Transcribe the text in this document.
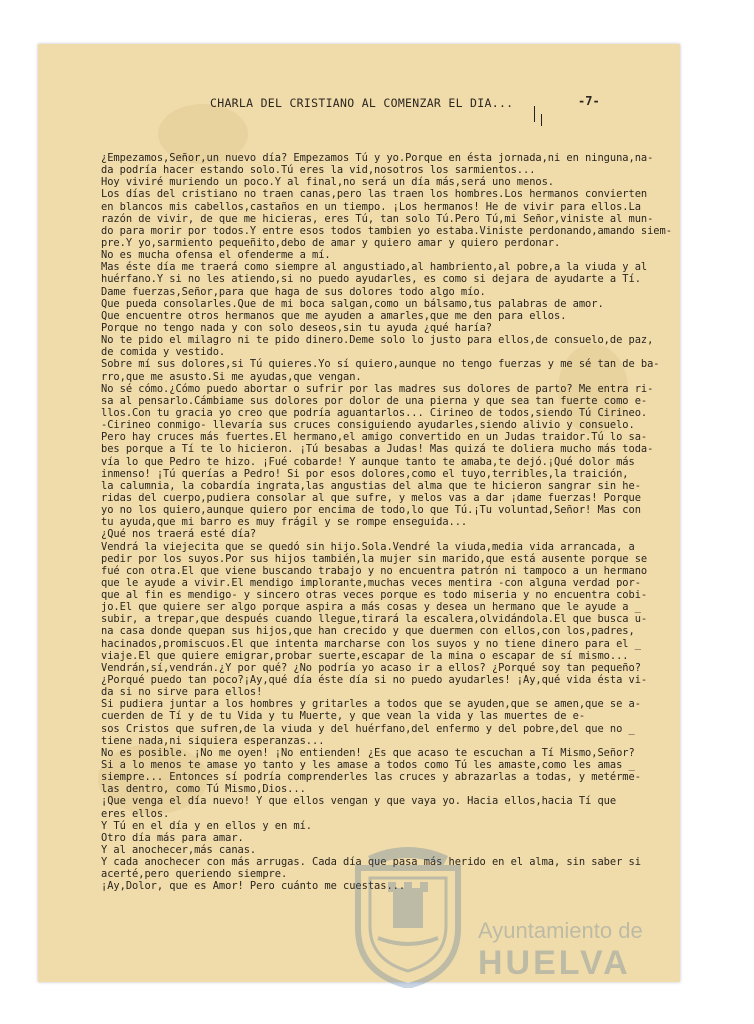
CHARLA DEL CRISTIANO AL COMENZAR EL DIA...	-7-
¿Empezamos,Señor,un nuevo día? Empezamos Tú y yo.Porque en ésta jornada,ni en ninguna,na-
da podría hacer estando solo.Tú eres la vid,nosotros los sarmientos...
Hoy viviré muriendo un poco.Y al final,no será un día más,será uno menos.
Los días del cristiano no traen canas,pero las traen los hombres.Los hermanos convierten
en blancos mis cabellos,castaños en un tiempo. ¡Los hermanos! He de vivir para ellos.La
razón de vivir, de que me hicieras, eres Tú, tan solo Tú.Pero Tú,mi Señor,viniste al mun-
do para morir por todos.Y entre esos todos tambien yo estaba.Viniste perdonando,amando siem-
pre.Y yo,sarmiento pequeñito,debo de amar y quiero amar y quiero perdonar.
No es mucha ofensa el ofenderme a mí.
Mas éste día me traerá como siempre al angustiado,al hambriento,al pobre,a la viuda y al
huérfano.Y si no les atiendo,si no puedo ayudarles, es como si dejara de ayudarte a Tí.
Dame fuerzas,Señor,para que haga de sus dolores todo algo mío.
Que pueda consolarles.Que de mi boca salgan,como un bálsamo,tus palabras de amor.
Que encuentre otros hermanos que me ayuden a amarles,que me den para ellos.
Porque no tengo nada y con solo deseos,sin tu ayuda ¿qué haría?
No te pido el milagro ni te pido dinero.Deme solo lo justo para ellos,de consuelo,de paz,
de comida y vestido.
Sobre mí sus dolores,si Tú quieres.Yo sí quiero,aunque no tengo fuerzas y me sé tan de ba-
rro,que me asusto.Si me ayudas,que vengan.
No sé cómo.¿Cómo puedo abortar o sufrir por las madres sus dolores de parto? Me entra ri-
sa al pensarlo.Cámbiame sus dolores por dolor de una pierna y que sea tan fuerte como e-
llos.Con tu gracia yo creo que podría aguantarlos... Cirineo de todos,siendo Tú Cirineo.
-Cirineo conmigo- llevaría sus cruces consiguiendo ayudarles,siendo alivio y consuelo.
Pero hay cruces más fuertes.El hermano,el amigo convertido en un Judas traidor.Tú lo sa-
bes porque a Tí te lo hicieron. ¡Tú besabas a Judas! Mas quizá te doliera mucho más toda-
vía lo que Pedro te hizo. ¡Fué cobarde! Y aunque tanto te amaba,te dejó.¡Qué dolor más
inmenso! ¡Tú querías a Pedro! Si por esos dolores,como el tuyo,terribles,la traición,
la calumnia, la cobardía ingrata,las angustias del alma que te hicieron sangrar sin he-
ridas del cuerpo,pudiera consolar al que sufre, y melos vas a dar ¡dame fuerzas! Porque
yo no los quiero,aunque quiero por encima de todo,lo que Tú.¡Tu voluntad,Señor! Mas con
tu ayuda,que mi barro es muy frágil y se rompe enseguida...
¿Qué nos traerá esté día?
Vendrá la viejecita que se quedó sin hijo.Sola.Vendré la viuda,media vida arrancada, a
pedir por los suyos.Por sus hijos también,la mujer sin marido,que está ausente porque se
fué con otra.El que viene buscando trabajo y no encuentra patrón ni tampoco a un hermano
que le ayude a vivir.El mendigo implorante,muchas veces mentira -con alguna verdad por-
que al fin es mendigo- y sincero otras veces porque es todo miseria y no encuentra cobi-
jo.El que quiere ser algo porque aspira a más cosas y desea un hermano que le ayude a _
subir, a trepar,que después cuando llegue,tirará la escalera,olvidándola.El que busca u-
na casa donde quepan sus hijos,que han crecido y que duermen con ellos,con los,padres,
hacinados,promiscuos.El que intenta marcharse con los suyos y no tiene dinero para el _
viaje.El que quiere emigrar,probar suerte,escapar de la mina o escapar de sí mismo...
Vendrán,sí,vendrán.¿Y por qué? ¿No podría yo acaso ir a ellos? ¿Porqué soy tan pequeño?
¿Porqué puedo tan poco?¡Ay,qué día éste día si no puedo ayudarles! ¡Ay,qué vida ésta vi-
da si no sirve para ellos!
Si pudiera juntar a los hombres y gritarles a todos que se ayuden,que se amen,que se a-
cuerden de Tí y de tu Vida y tu Muerte, y que vean la vida y las muertes de e-
sos Cristos que sufren,de la viuda y del huérfano,del enfermo y del pobre,del que no _
tiene nada,ni siquiera esperanzas...
No es posible. ¡No me oyen! ¡No entienden! ¿Es que acaso te escuchan a Tí Mismo,Señor?
Si a lo menos te amase yo tanto y les amase a todos como Tú les amaste,como les amas _
siempre... Entonces sí podría comprenderles las cruces y abrazarlas a todas, y metérme-
las dentro, como Tú Mismo,Dios...
¡Que venga el día nuevo! Y que ellos vengan y que vaya yo. Hacia ellos,hacia Tí que
eres ellos.
Y Tú en el día y en ellos y en mí.
Otro día más para amar.
Y al anochecer,más canas.
Y cada anochecer con más arrugas. Cada día que pasa más herido en el alma, sin saber si
acerté,pero queriendo siempre.
¡Ay,Dolor, que es Amor! Pero cuánto me cuestas...
Ayuntamiento de
HUELVA
